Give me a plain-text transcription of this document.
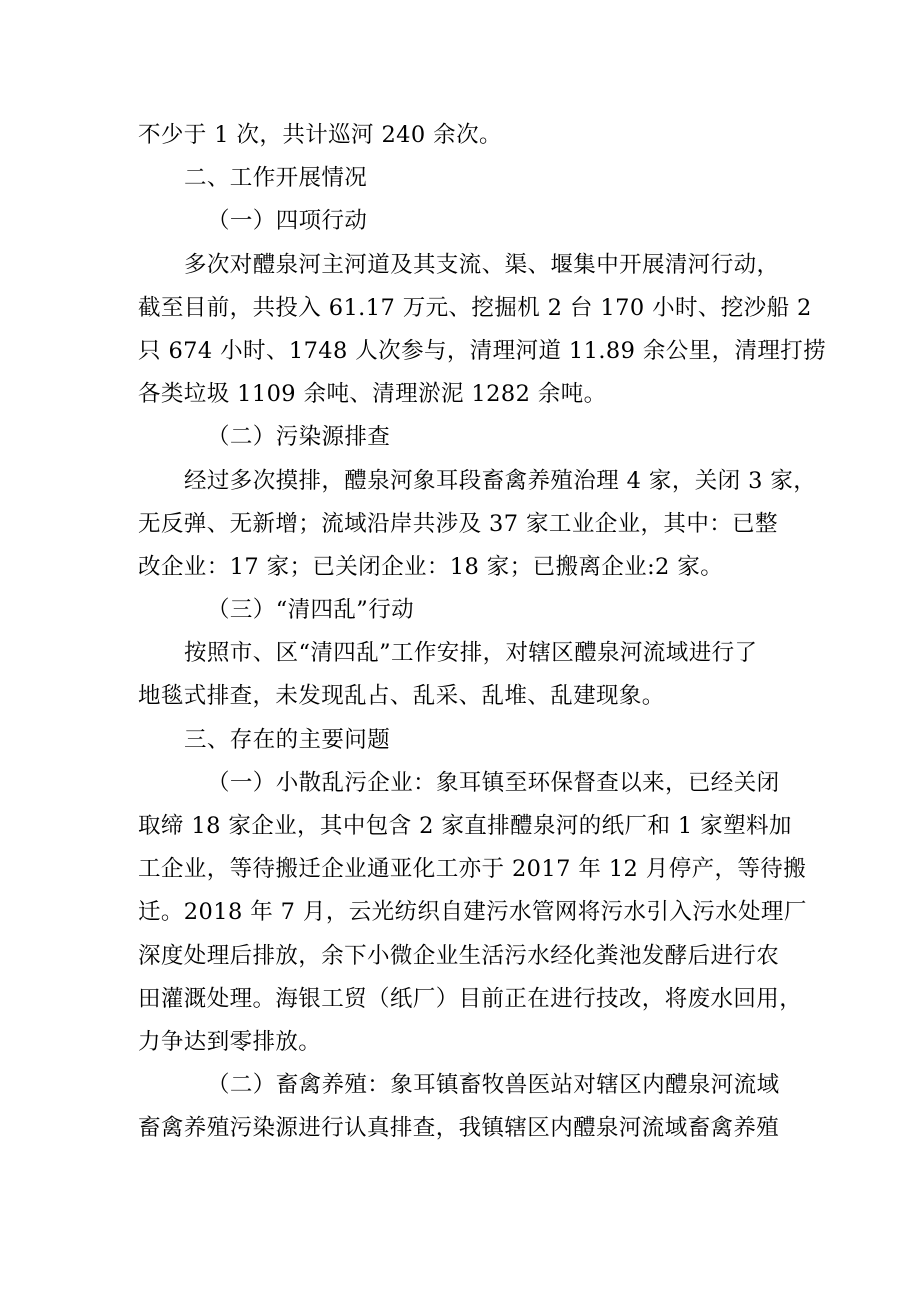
不少于 1 次，共计巡河 240 余次。
二、工作开展情况
（一）四项行动
多次对醴泉河主河道及其支流、渠、堰集中开展清河行动，
截至目前，共投入 61.17 万元、挖掘机 2 台 170 小时、挖沙船 2
只 674 小时、1748 人次参与，清理河道 11.89 余公里，清理打捞
各类垃圾 1109 余吨、清理淤泥 1282 余吨。
（二）污染源排查
经过多次摸排，醴泉河象耳段畜禽养殖治理 4 家，关闭 3 家，
无反弹、无新增；流域沿岸共涉及 37 家工业企业，其中：已整
改企业：17 家；已关闭企业：18 家；已搬离企业:2 家。
（三）“清四乱”行动
按照市、区“清四乱”工作安排，对辖区醴泉河流域进行了
地毯式排查，未发现乱占、乱采、乱堆、乱建现象。
三、存在的主要问题
（一）小散乱污企业：象耳镇至环保督查以来，已经关闭
取缔 18 家企业，其中包含 2 家直排醴泉河的纸厂和 1 家塑料加
工企业，等待搬迁企业通亚化工亦于 2017 年 12 月停产，等待搬
迁。2018 年 7 月，云光纺织自建污水管网将污水引入污水处理厂
深度处理后排放，余下小微企业生活污水经化粪池发酵后进行农
田灌溉处理。海银工贸（纸厂）目前正在进行技改，将废水回用，
力争达到零排放。
（二）畜禽养殖：象耳镇畜牧兽医站对辖区内醴泉河流域
畜禽养殖污染源进行认真排查，我镇辖区内醴泉河流域畜禽养殖
